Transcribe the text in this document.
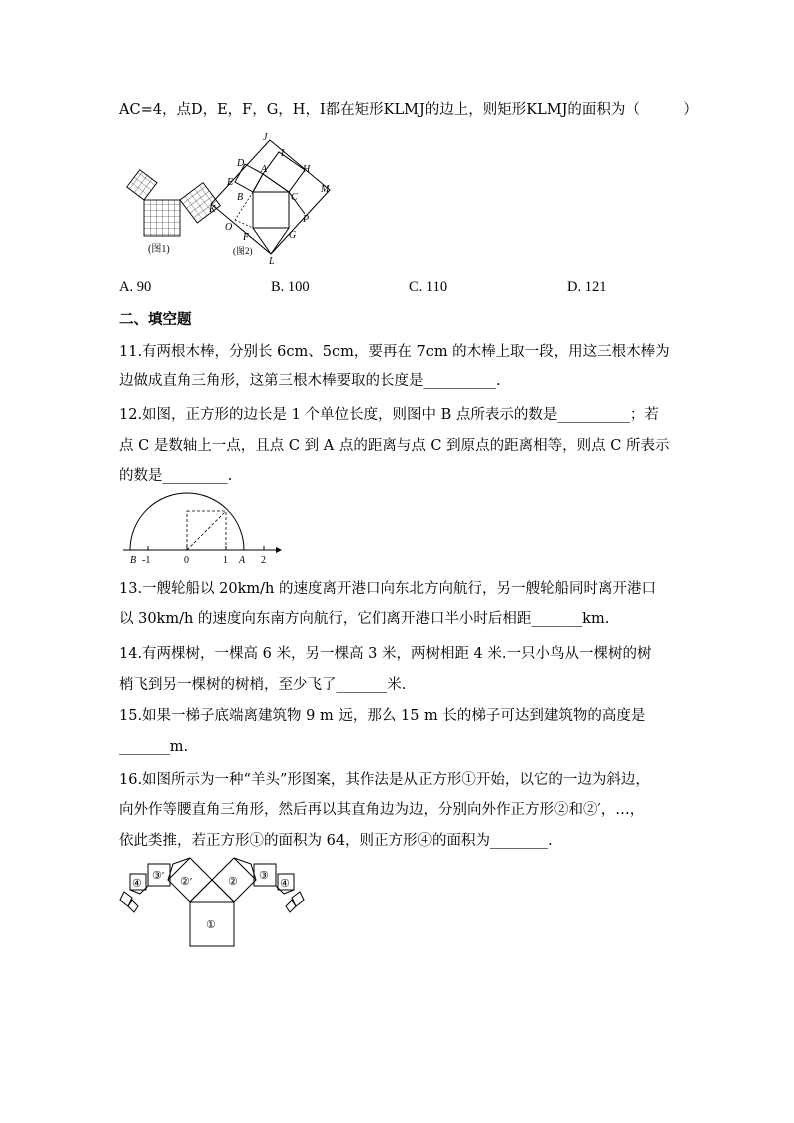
AC=4，点D，E，F，G，H，I都在矩形KLMJ的边上，则矩形KLMJ的面积为（　　　）
(图1)
J
I
D
H
A
M
E
B	C
K
P
O
F	G
L
(图2)
A. 90	B. 100	C. 110	D. 121
二、填空题
11.有两根木棒，分别长 6cm、5cm，要再在 7cm 的木棒上取一段，用这三根木棒为
边做成直角三角形，这第三根木棒要取的长度是__________.
12.如图，正方形的边长是 1 个单位长度，则图中 B 点所表示的数是__________；若
点 C 是数轴上一点，且点 C 到 A 点的距离与点 C 到原点的距离相等，则点 C 所表示
的数是_________.
B -1	0	1 A 2
13.一艘轮船以 20km/h 的速度离开港口向东北方向航行，另一艘轮船同时离开港口
以 30km/h 的速度向东南方向航行，它们离开港口半小时后相距_______km.
14.有两棵树，一棵高 6 米，另一棵高 3 米，两树相距 4 米.一只小鸟从一棵树的树
梢飞到另一棵树的树梢，至少飞了_______米.
15.如果一梯子底端离建筑物 9 m 远，那么 15 m 长的梯子可达到建筑物的高度是
_______m.
16.如图所示为一种“羊头”形图案，其作法是从正方形①开始，以它的一边为斜边，
向外作等腰直角三角形，然后再以其直角边为边，分别向外作正方形②和②′，…，
依此类推，若正方形①的面积为 64，则正方形④的面积为________.
①
②′	②
③′	③
④	④
